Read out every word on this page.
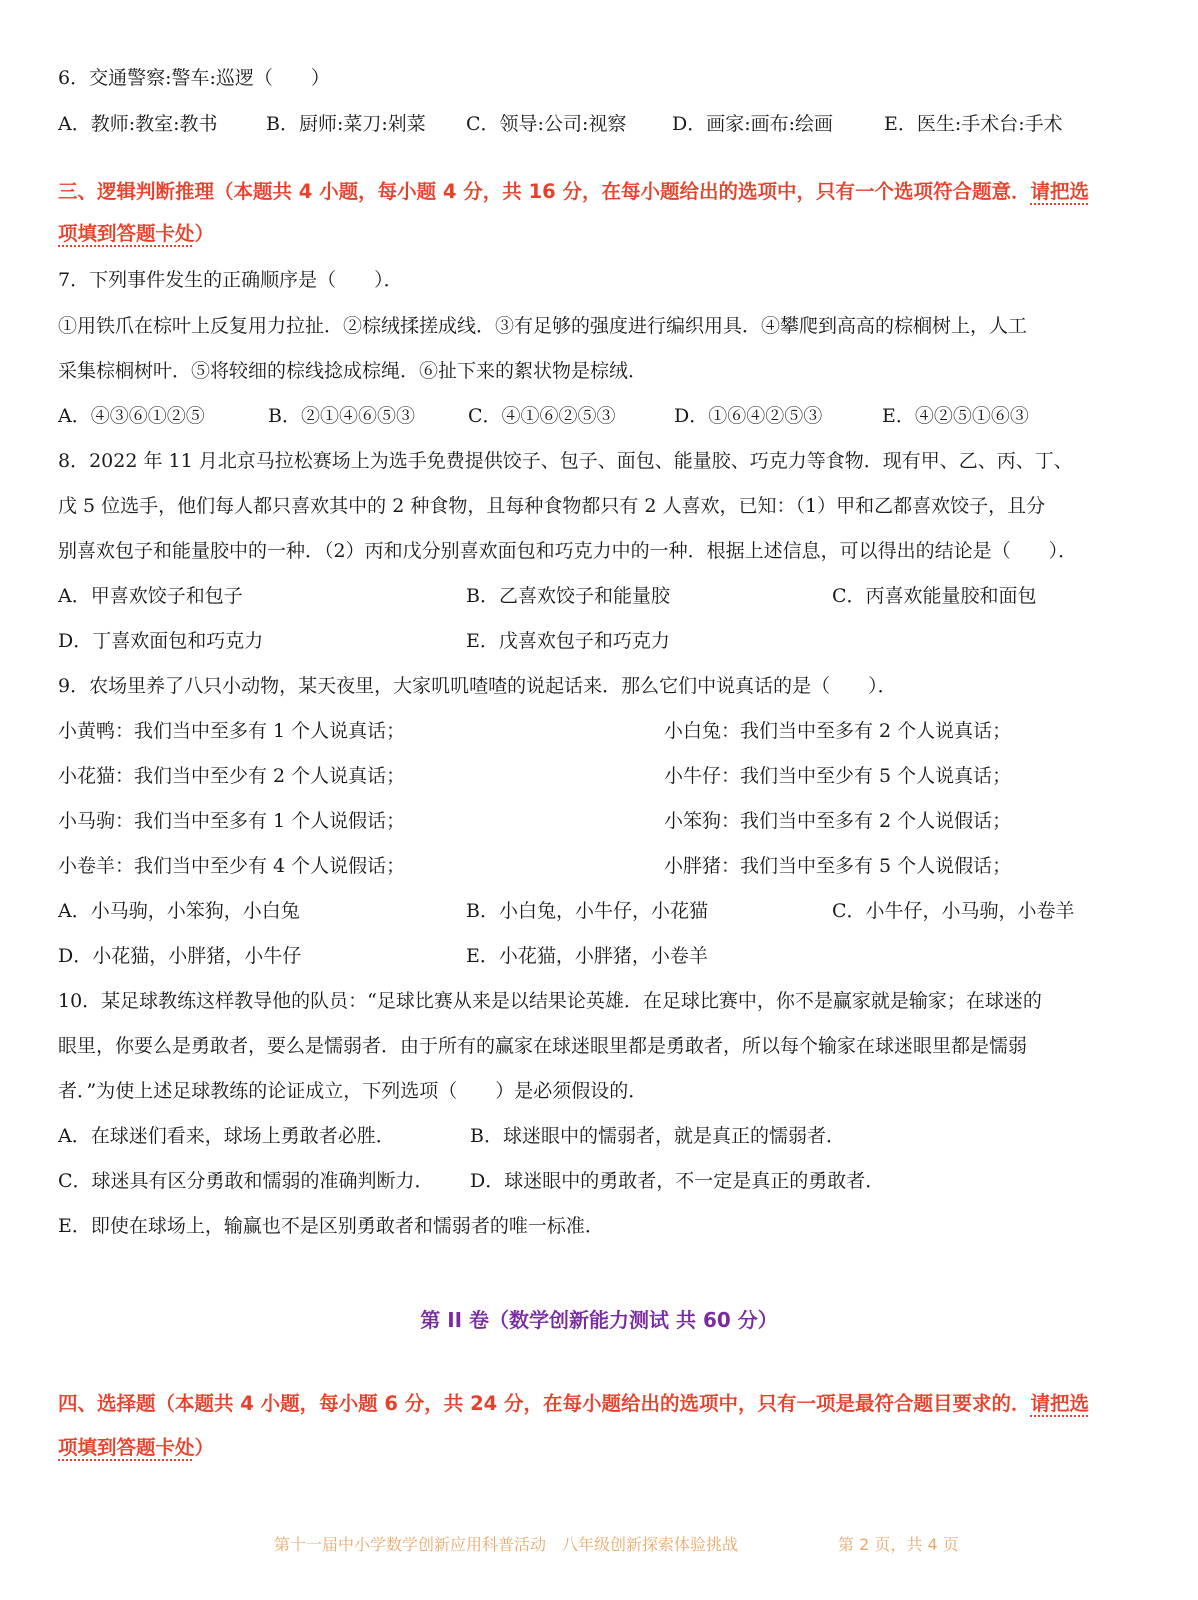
6．交通警察:警车:巡逻（　　）
A．教师:教室:教书	B．厨师:菜刀:剁菜 C．领导:公司:视察 D．画家:画布:绘画	E．医生:手术台:手术
三、逻辑判断推理（本题共 4 小题，每小题 4 分，共 16 分，在每小题给出的选项中，只有一个选项符合题意．请把选
项填到答题卡处）
7．下列事件发生的正确顺序是（　　）．
①用铁爪在棕叶上反复用力拉扯．②棕绒揉搓成线．③有足够的强度进行编织用具．④攀爬到高高的棕榈树上，人工
采集棕榈树叶．⑤将较细的棕线捻成棕绳．⑥扯下来的絮状物是棕绒．
A．④③⑥①②⑤	B．②①④⑥⑤③	C．④①⑥②⑤③	D．①⑥④②⑤③	E．④②⑤①⑥③
8．2022 年 11 月北京马拉松赛场上为选手免费提供饺子、包子、面包、能量胶、巧克力等食物．现有甲、乙、丙、丁、
戊 5 位选手，他们每人都只喜欢其中的 2 种食物，且每种食物都只有 2 人喜欢，已知：（1）甲和乙都喜欢饺子，且分
别喜欢包子和能量胶中的一种．（2）丙和戊分别喜欢面包和巧克力中的一种．根据上述信息，可以得出的结论是（　　）．
A．甲喜欢饺子和包子	B．乙喜欢饺子和能量胶	C．丙喜欢能量胶和面包
D．丁喜欢面包和巧克力	E．戊喜欢包子和巧克力
9．农场里养了八只小动物，某天夜里，大家叽叽喳喳的说起话来．那么它们中说真话的是（　　）．
小黄鸭：我们当中至多有 1 个人说真话；	小白兔：我们当中至多有 2 个人说真话；
小花猫：我们当中至少有 2 个人说真话；	小牛仔：我们当中至少有 5 个人说真话；
小马驹：我们当中至多有 1 个人说假话；	小笨狗：我们当中至多有 2 个人说假话；
小卷羊：我们当中至少有 4 个人说假话；	小胖猪：我们当中至多有 5 个人说假话；
A．小马驹，小笨狗，小白兔	B．小白兔，小牛仔，小花猫	C．小牛仔，小马驹，小卷羊
D．小花猫，小胖猪，小牛仔	E．小花猫，小胖猪，小卷羊
10．某足球教练这样教导他的队员：“足球比赛从来是以结果论英雄．在足球比赛中，你不是赢家就是输家；在球迷的
眼里，你要么是勇敢者，要么是懦弱者．由于所有的赢家在球迷眼里都是勇敢者，所以每个输家在球迷眼里都是懦弱
者．”为使上述足球教练的论证成立，下列选项（　　）是必须假设的．
A．在球迷们看来，球场上勇敢者必胜．	B．球迷眼中的懦弱者，就是真正的懦弱者．
C．球迷具有区分勇敢和懦弱的准确判断力． D．球迷眼中的勇敢者，不一定是真正的勇敢者．
E．即使在球场上，输赢也不是区别勇敢者和懦弱者的唯一标准．
第 II 卷（数学创新能力测试 共 60 分）
四、选择题（本题共 4 小题，每小题 6 分，共 24 分，在每小题给出的选项中，只有一项是最符合题目要求的．请把选
项填到答题卡处）
第十一届中小学数学创新应用科普活动　八年级创新探索体验挑战	第 2 页，共 4 页
